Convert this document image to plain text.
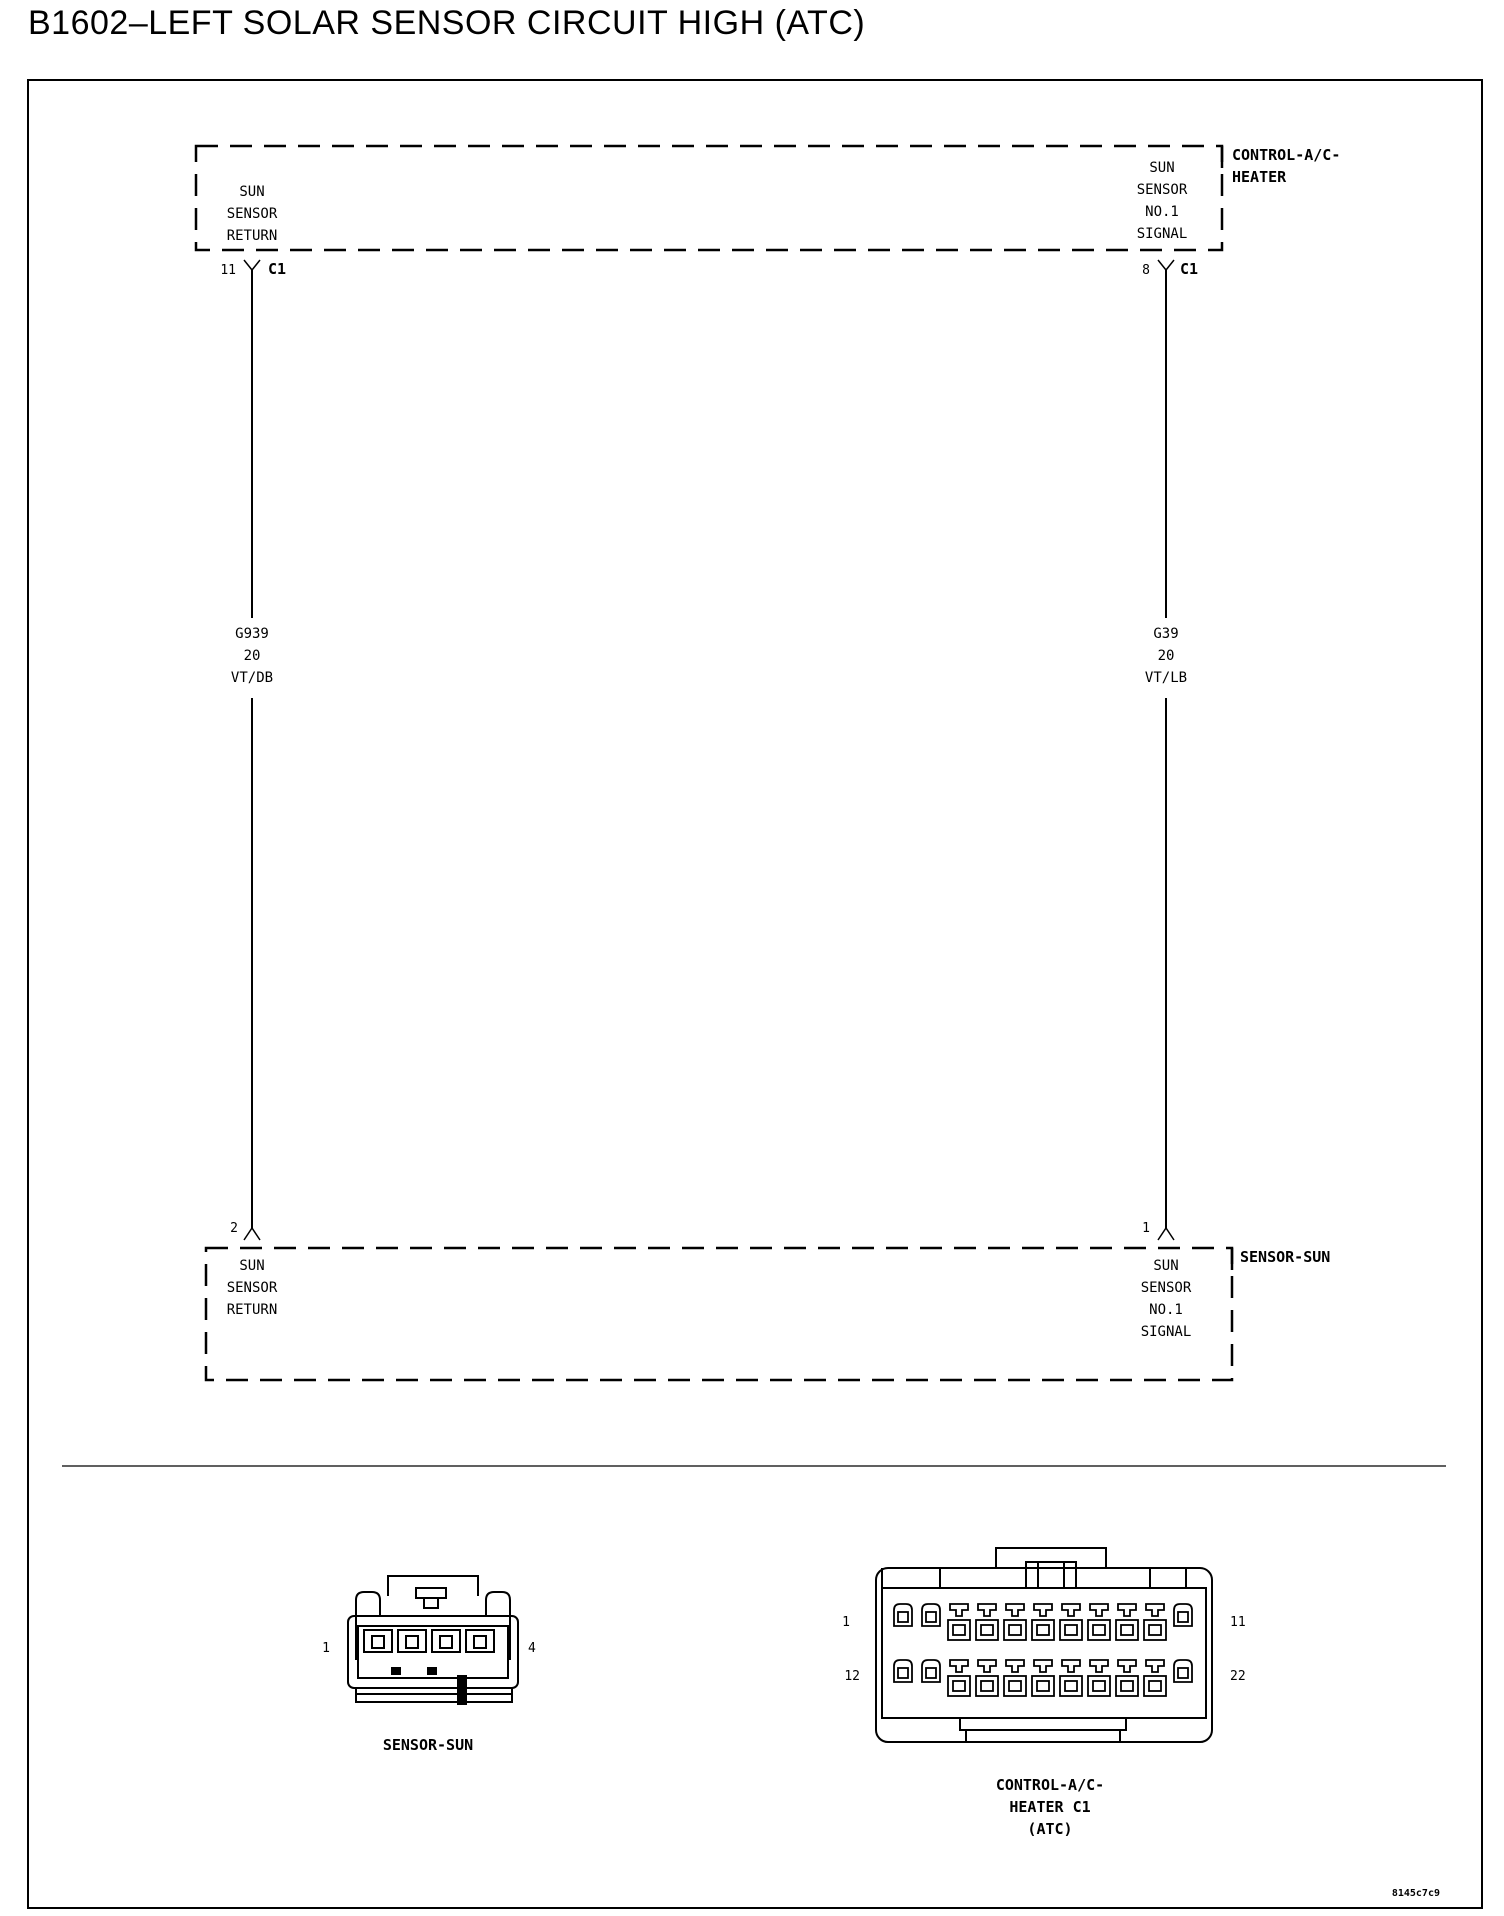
B1602–LEFT SOLAR SENSOR CIRCUIT HIGH (ATC)
CONTROL-A/C-
HEATER
SUN
SENSOR
RETURN
SUN
SENSOR
NO.1
SIGNAL
11 C1
G939
20
VT/DB
2
8 C1
G39
20
VT/LB
1
SENSOR-SUN
SUN
SENSOR
RETURN
SUN
SENSOR
NO.1
SIGNAL
1	4
SENSOR-SUN
1	11
12	22
CONTROL-A/C-
HEATER C1
(ATC)
8145c7c9
